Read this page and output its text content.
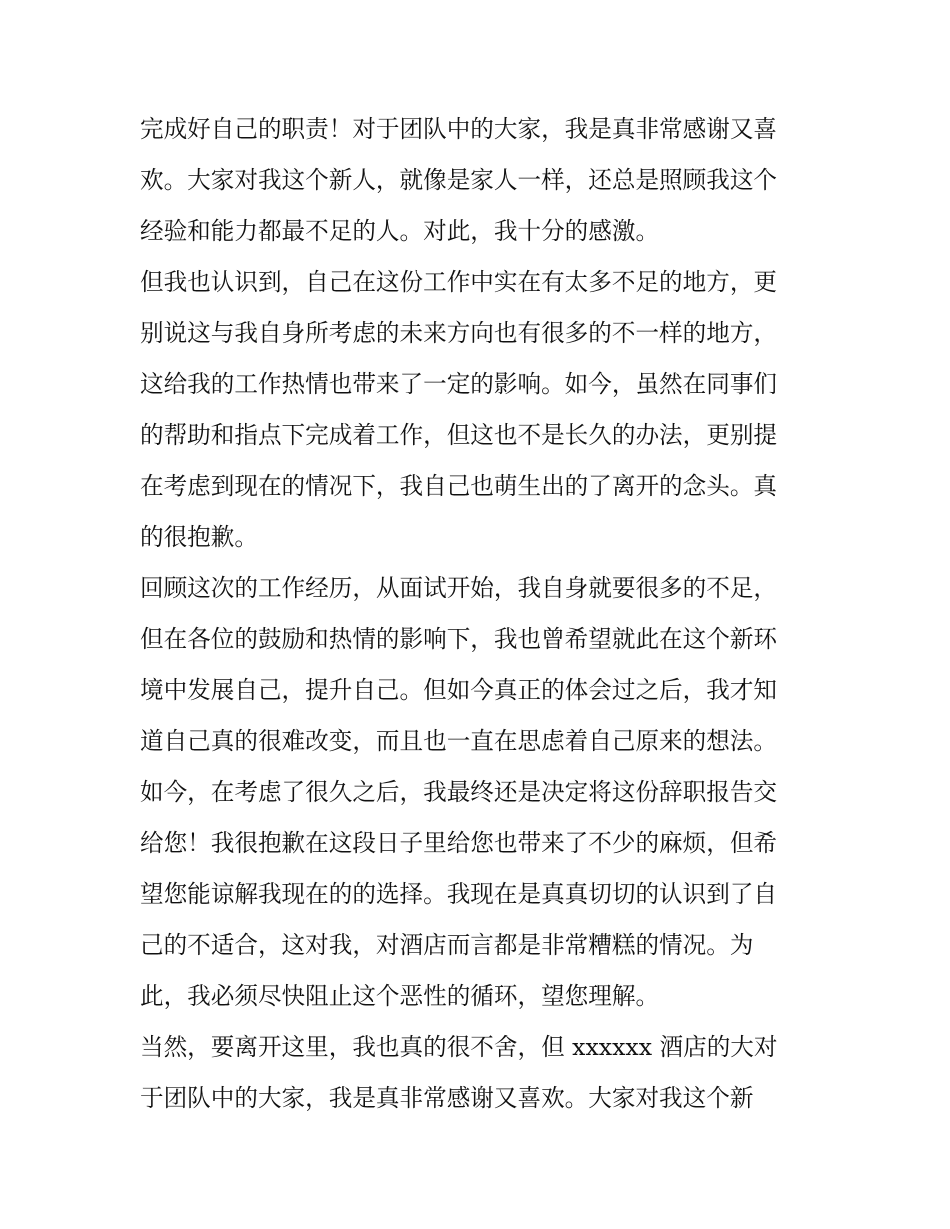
完成好自己的职责！对于团队中的大家，我是真非常感谢又喜
欢。大家对我这个新人，就像是家人一样，还总是照顾我这个
经验和能力都最不足的人。对此，我十分的感激。
但我也认识到，自己在这份工作中实在有太多不足的地方，更
别说这与我自身所考虑的未来方向也有很多的不一样的地方，
这给我的工作热情也带来了一定的影响。如今，虽然在同事们
的帮助和指点下完成着工作，但这也不是长久的办法，更别提
在考虑到现在的情况下，我自己也萌生出的了离开的念头。真
的很抱歉。
回顾这次的工作经历，从面试开始，我自身就要很多的不足，
但在各位的鼓励和热情的影响下，我也曾希望就此在这个新环
境中发展自己，提升自己。但如今真正的体会过之后，我才知
道自己真的很难改变，而且也一直在思虑着自己原来的想法。
如今，在考虑了很久之后，我最终还是决定将这份辞职报告交
给您！我很抱歉在这段日子里给您也带来了不少的麻烦，但希
望您能谅解我现在的的选择。我现在是真真切切的认识到了自
己的不适合，这对我，对酒店而言都是非常糟糕的情况。为
此，我必须尽快阻止这个恶性的循环，望您理解。
当然，要离开这里，我也真的很不舍，但 xxxxxx 酒店的大对
于团队中的大家，我是真非常感谢又喜欢。大家对我这个新
